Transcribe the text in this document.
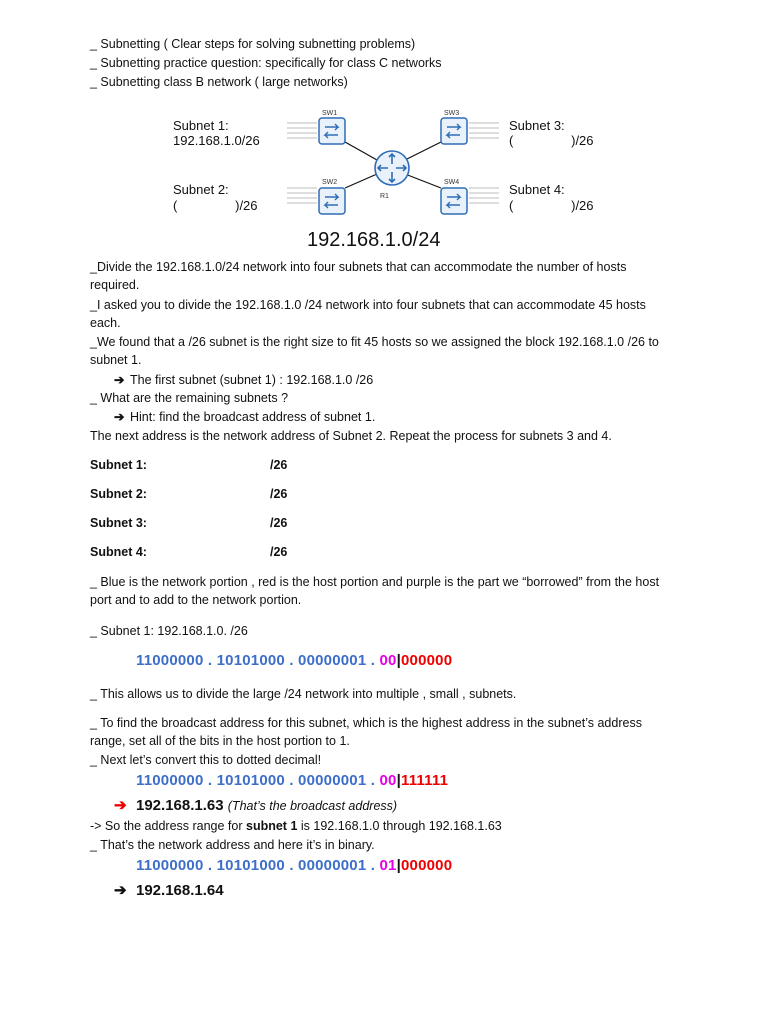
_ Subnetting ( Clear steps for solving subnetting problems)
_ Subnetting practice question: specifically for class C networks
_ Subnetting class B network ( large networks)
Subnet 1:
192.168.1.0/26
Subnet 2:
(                )/26
Subnet 3:
(                )/26
Subnet 4:
(                )/26
SW1
SW2
SW3
SW4
R1
192.168.1.0/24
_Divide the 192.168.1.0/24 network into four subnets that can accommodate the number of hosts required.
_I asked you to divide the 192.168.1.0 /24 network into four subnets that can accommodate 45 hosts each.
_We found that a /26 subnet is the right size to fit 45 hosts so we assigned the block 192.168.1.0 /26 to subnet 1.
➔ The first subnet (subnet 1) : 192.168.1.0 /26
_ What are the remaining subnets ?
➔ Hint: find the broadcast address of subnet 1.
The next address is the network address of Subnet 2. Repeat the process for subnets 3 and 4.
Subnet 1:	/26
Subnet 2:	/26
Subnet 3:	/26
Subnet 4:	/26
_ Blue is the network portion , red is the host portion and purple is the part we “borrowed” from the host port and to add to the network portion.
_ Subnet 1: 192.168.1.0. /26
11000000 . 10101000 . 00000001 . 00|000000
_ This allows us to divide the large /24 network into multiple , small , subnets.
_ To find the broadcast address for this subnet, which is the highest address in the subnet’s address range, set all of the bits in the host portion to 1.
_ Next let’s convert this to dotted decimal!
11000000 . 10101000 . 00000001 . 00|111111
➔ 192.168.1.63 (That’s the broadcast address)
-> So the address range for subnet 1 is 192.168.1.0 through 192.168.1.63
_ That’s the network address and here it’s in binary.
11000000 . 10101000 . 00000001 . 01|000000
➔ 192.168.1.64
